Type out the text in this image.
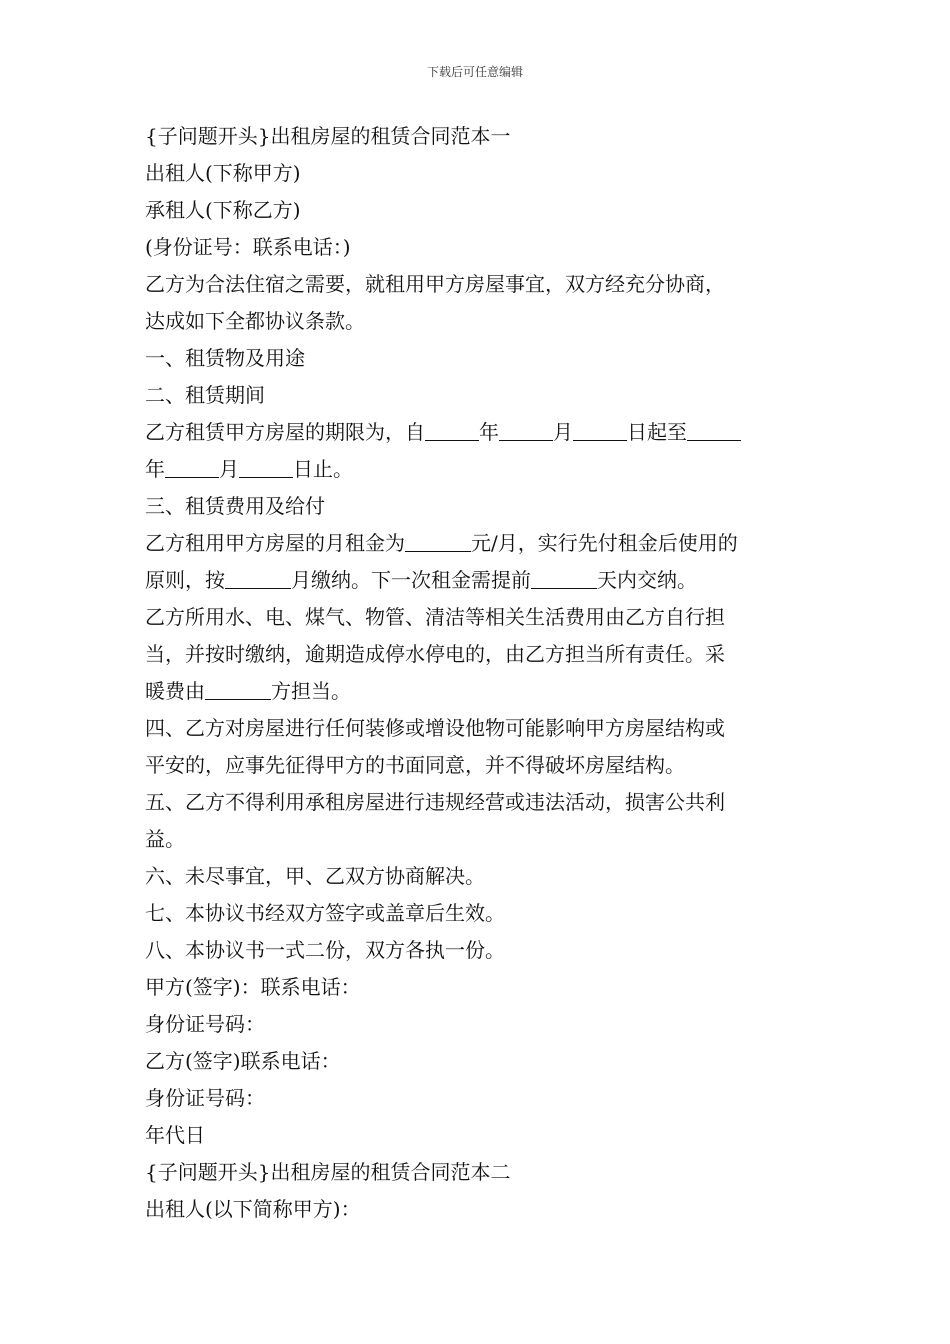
下载后可任意编辑
{子问题开头}出租房屋的租赁合同范本一
出租人(下称甲方)
承租人(下称乙方)
(身份证号：联系电话：)
乙方为合法住宿之需要，就租用甲方房屋事宜，双方经充分协商，
达成如下全都协议条款。
一、租赁物及用途
二、租赁期间
乙方租赁甲方房屋的期限为，自	年	月	日起至
年	月	日止。
三、租赁费用及给付
乙方租用甲方房屋的月租金为	元/月，实行先付租金后使用的
原则，按	月缴纳。下一次租金需提前	天内交纳。
乙方所用水、电、煤气、物管、清洁等相关生活费用由乙方自行担
当，并按时缴纳，逾期造成停水停电的，由乙方担当所有责任。采
暖费由	方担当。
四、乙方对房屋进行任何装修或增设他物可能影响甲方房屋结构或
平安的，应事先征得甲方的书面同意，并不得破坏房屋结构。
五、乙方不得利用承租房屋进行违规经营或违法活动，损害公共利
益。
六、未尽事宜，甲、乙双方协商解决。
七、本协议书经双方签字或盖章后生效。
八、本协议书一式二份，双方各执一份。
甲方(签字)：联系电话：
身份证号码：
乙方(签字)联系电话：
身份证号码：
年代日
{子问题开头}出租房屋的租赁合同范本二
出租人(以下简称甲方)：
